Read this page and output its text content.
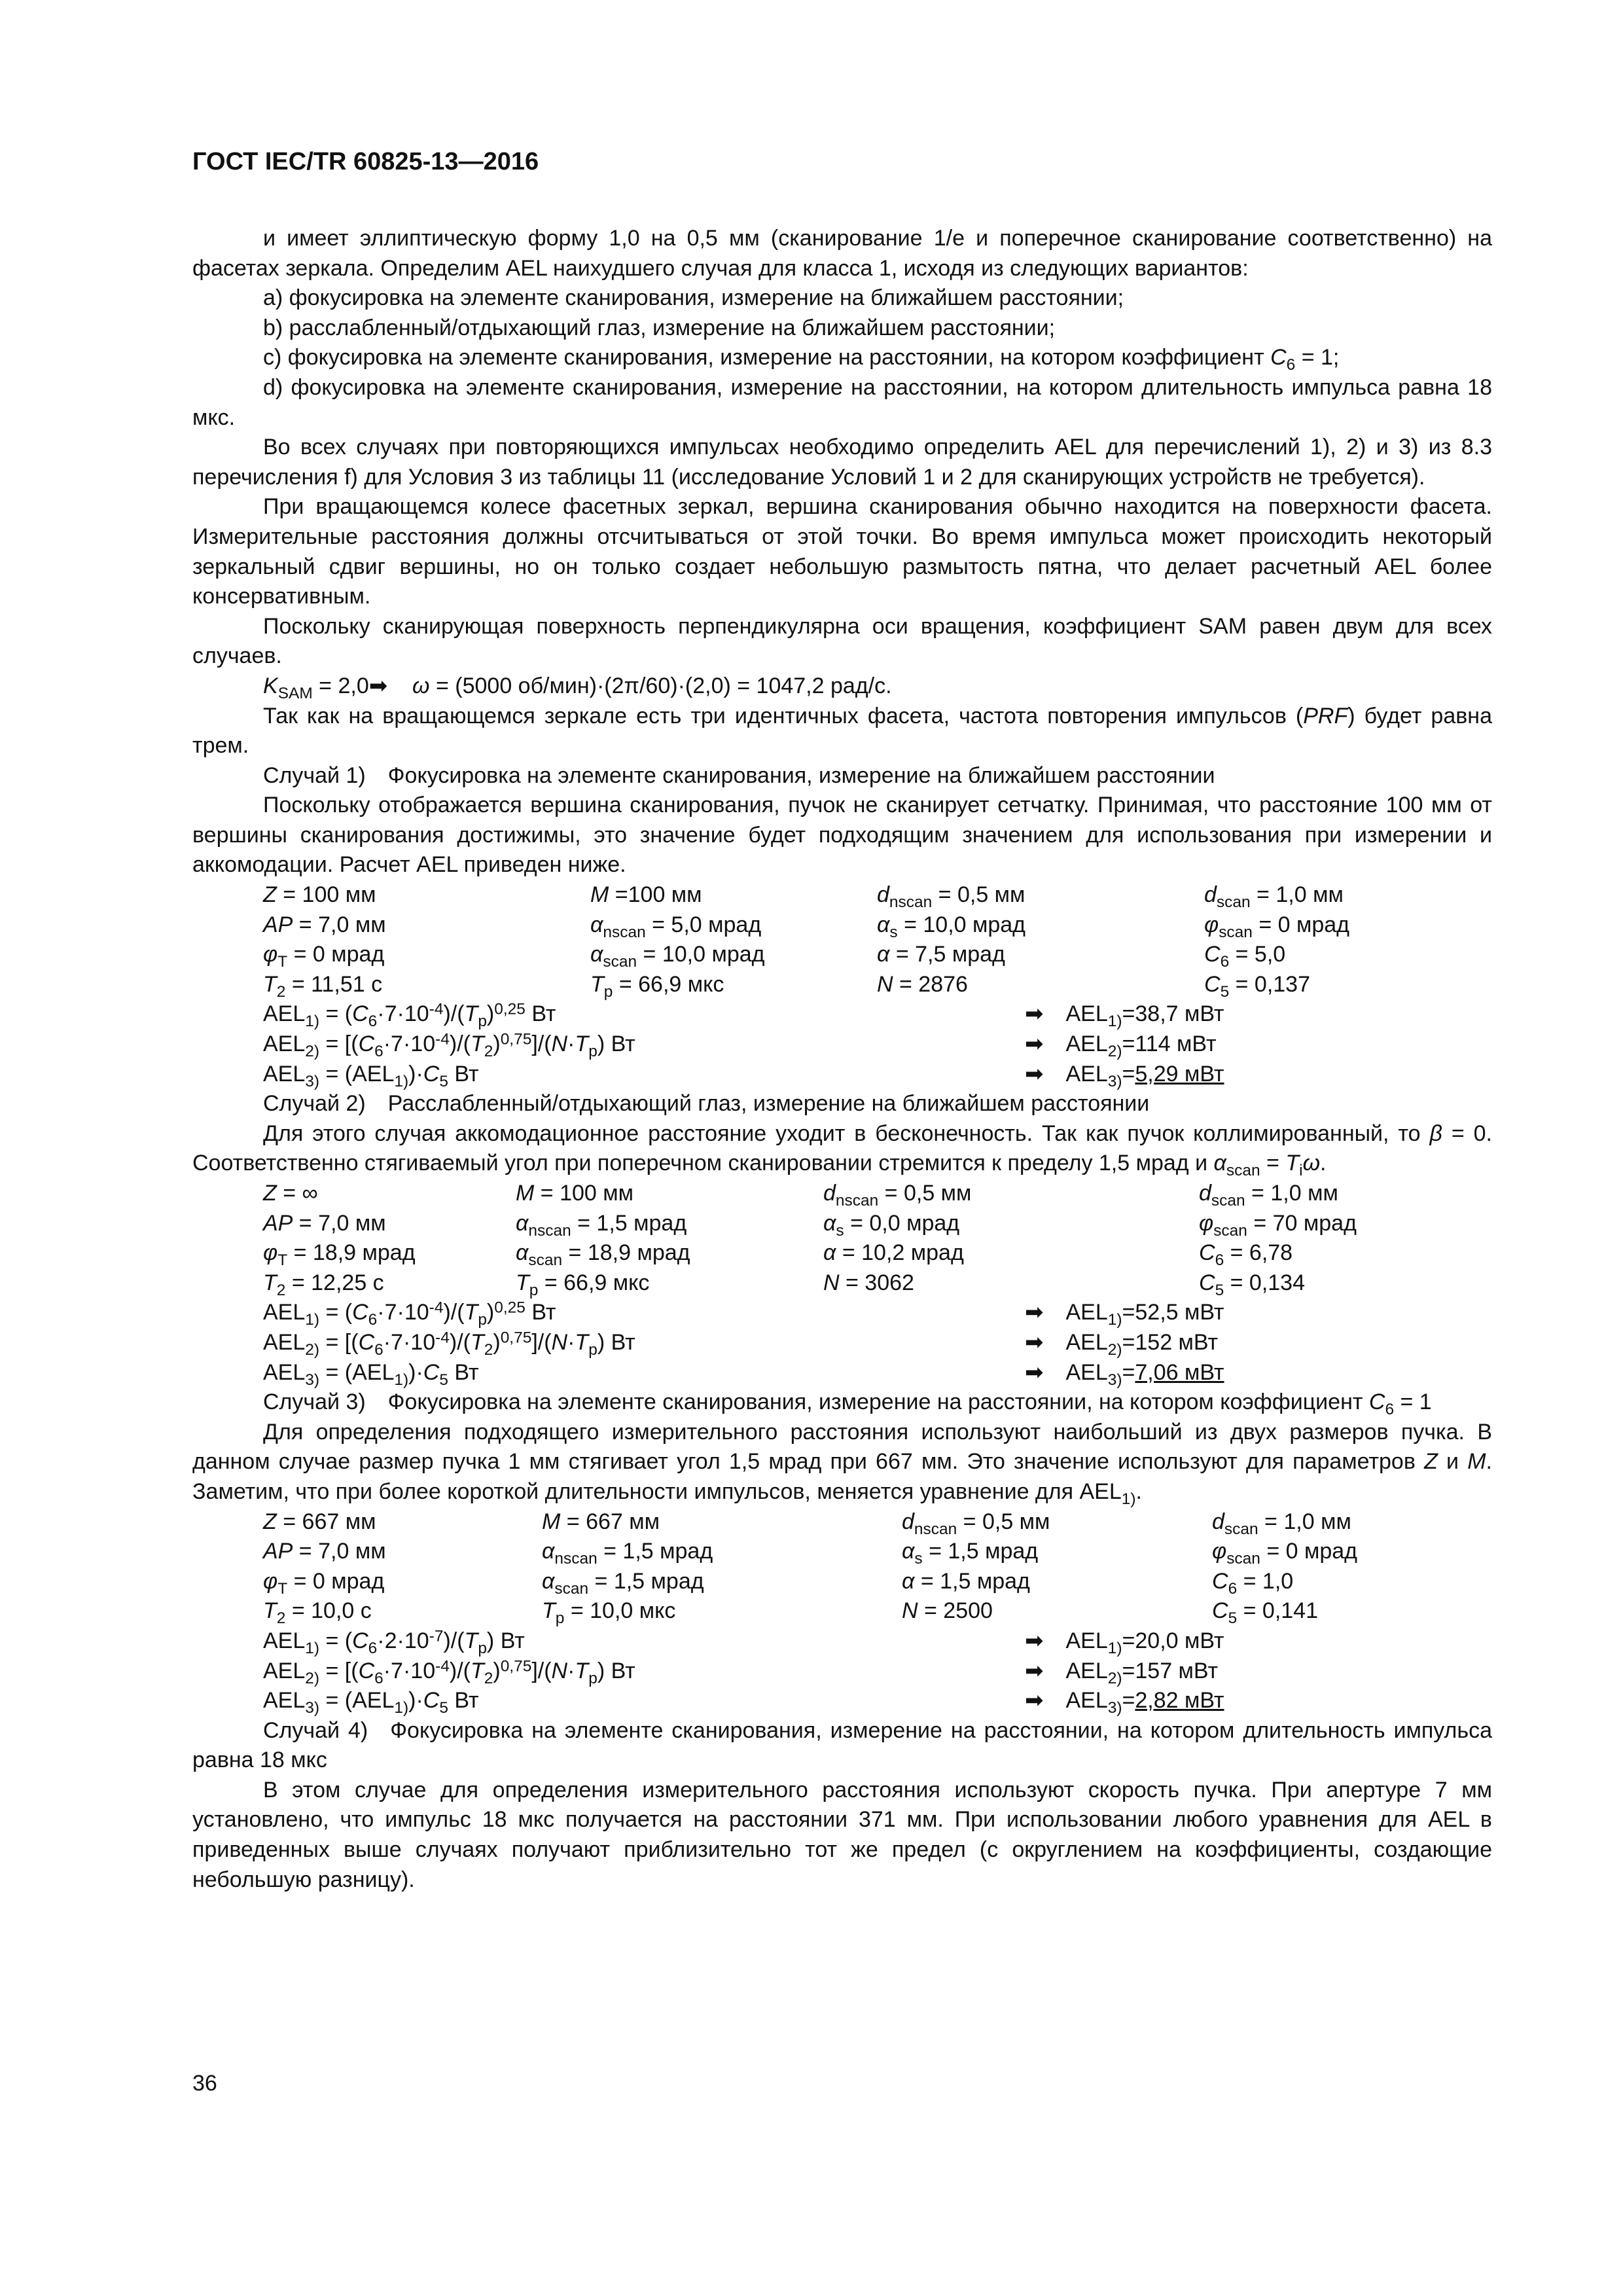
ГОСТ IEC/TR 60825-13—2016

и имеет эллиптическую форму 1,0 на 0,5 мм (сканирование 1/e и поперечное сканирование соответственно) на фасетах зеркала. Определим AEL наихудшего случая для класса 1, исходя из следующих вариантов:

a) фокусировка на элементе сканирования, измерение на ближайшем расстоянии;

b) расслабленный/отдыхающий глаз, измерение на ближайшем расстоянии;

c) фокусировка на элементе сканирования, измерение на расстоянии, на котором коэффициент $C_6 = 1$;

d) фокусировка на элементе сканирования, измерение на расстоянии, на котором длительность импульса равна 18 мкс.

Во всех случаях при повторяющихся импульсах необходимо определить AEL для перечислений 1), 2) и 3) из 8.3 перечисления f) для Условия 3 из таблицы 11 (исследование Условий 1 и 2 для сканирующих устройств не требуется).

При вращающемся колесе фасетных зеркал, вершина сканирования обычно находится на поверхности фасета. Измерительные расстояния должны отсчитываться от этой точки. Во время импульса может происходить некоторый зеркальный сдвиг вершины, но он только создает небольшую размытость пятна, что делает расчетный AEL более консервативным.

Поскольку сканирующая поверхность перпендикулярна оси вращения, коэффициент SAM равен двум для всех случаев.

$K_{SAM}$ = 2,0➡ ω = (5000 об/мин)·(2π/60)·(2,0) = 1047,2 рад/с.

Так как на вращающемся зеркале есть три идентичных фасета, частота повторения импульсов (PRF) будет равна трем.

Случай 1) Фокусировка на элементе сканирования, измерение на ближайшем расстоянии

Поскольку отображается вершина сканирования, пучок не сканирует сетчатку. Принимая, что расстояние 100 мм от вершины сканирования достижимы, это значение будет подходящим значением для использования при измерении и аккомодации. Расчет AEL приведен ниже.

Z = 100 мм	M =100 мм	$d_{nscan} = 0,5$ мм	$d_{scan} = 1,0$ мм
AP = 7,0 мм	$\alpha_{nscan} = 5,0$ мрад	$\alpha_s = 10,0$ мрад	$\varphi_{scan} = 0$ мрад
$\varphi_T = 0$ мрад	$\alpha_{scan} = 10,0$ мрад	α = 7,5 мрад	$C_6 = 5,0$
$T_2 = 11,51$ с	$T_p = 66,9$ мкс	N = 2876	$C_5 = 0,137$
$AEL_{1)} = (C_6\cdot 7\cdot 10^{-4})/(T_p)^{0,25}$ Вт	➡ $AEL_{1)}=38,7$ мВт
$AEL_{2)} = [(C_6\cdot 7\cdot 10^{-4})/(T_2)^{0,75}]/(N\cdot T_p)$ Вт	➡ $AEL_{2)}=114$ мВт
$AEL_{3)} = (AEL_{1)})\cdot C_5$ Вт	➡ $AEL_{3)}=5,29$ мВт

Случай 2) Расслабленный/отдыхающий глаз, измерение на ближайшем расстоянии

Для этого случая аккомодационное расстояние уходит в бесконечность. Так как пучок коллимированный, то β = 0. Соответственно стягиваемый угол при поперечном сканировании стремится к пределу 1,5 мрад и $\alpha_{scan} = T_i\omega$.

Z = ∞	M = 100 мм	$d_{nscan} = 0,5$ мм	$d_{scan} = 1,0$ мм
AP = 7,0 мм	$\alpha_{nscan} = 1,5$ мрад	$\alpha_s = 0,0$ мрад	$\varphi_{scan} = 70$ мрад
$\varphi_T = 18,9$ мрад	$\alpha_{scan} = 18,9$ мрад	α = 10,2 мрад	$C_6 = 6,78$
$T_2 = 12,25$ с	$T_p = 66,9$ мкс	N = 3062	$C_5 = 0,134$
$AEL_{1)} = (C_6\cdot 7\cdot 10^{-4})/(T_p)^{0,25}$ Вт	➡ $AEL_{1)}=52,5$ мВт
$AEL_{2)} = [(C_6\cdot 7\cdot 10^{-4})/(T_2)^{0,75}]/(N\cdot T_p)$ Вт	➡ $AEL_{2)}=152$ мВт
$AEL_{3)} = (AEL_{1)})\cdot C_5$ Вт	➡ $AEL_{3)}=7,06$ мВт

Случай 3) Фокусировка на элементе сканирования, измерение на расстоянии, на котором коэффициент $C_6 = 1$

Для определения подходящего измерительного расстояния используют наибольший из двух размеров пучка. В данном случае размер пучка 1 мм стягивает угол 1,5 мрад при 667 мм. Это значение используют для параметров Z и M. Заметим, что при более короткой длительности импульсов, меняется уравнение для $AEL_{1)}$.

Z = 667 мм	M = 667 мм	$d_{nscan} = 0,5$ мм	$d_{scan} = 1,0$ мм
AP = 7,0 мм	$\alpha_{nscan} = 1,5$ мрад	$\alpha_s = 1,5$ мрад	$\varphi_{scan} = 0$ мрад
$\varphi_T = 0$ мрад	$\alpha_{scan} = 1,5$ мрад	α = 1,5 мрад	$C_6 = 1,0$
$T_2 = 10,0$ с	$T_p = 10,0$ мкс	N = 2500	$C_5 = 0,141$
$AEL_{1)} = (C_6\cdot 2\cdot 10^{-7})/(T_p)$ Вт	➡ $AEL_{1)}=20,0$ мВт
$AEL_{2)} = [(C_6\cdot 7\cdot 10^{-4})/(T_2)^{0,75}]/(N\cdot T_p)$ Вт	➡ $AEL_{2)}=157$ мВт
$AEL_{3)} = (AEL_{1)})\cdot C_5$ Вт	➡ $AEL_{3)}=2,82$ мВт

Случай 4) Фокусировка на элементе сканирования, измерение на расстоянии, на котором длительность импульса равна 18 мкс

В этом случае для определения измерительного расстояния используют скорость пучка. При апертуре 7 мм установлено, что импульс 18 мкс получается на расстоянии 371 мм. При использовании любого уравнения для AEL в приведенных выше случаях получают приблизительно тот же предел (с округлением на коэффициенты, создающие небольшую разницу).

36
